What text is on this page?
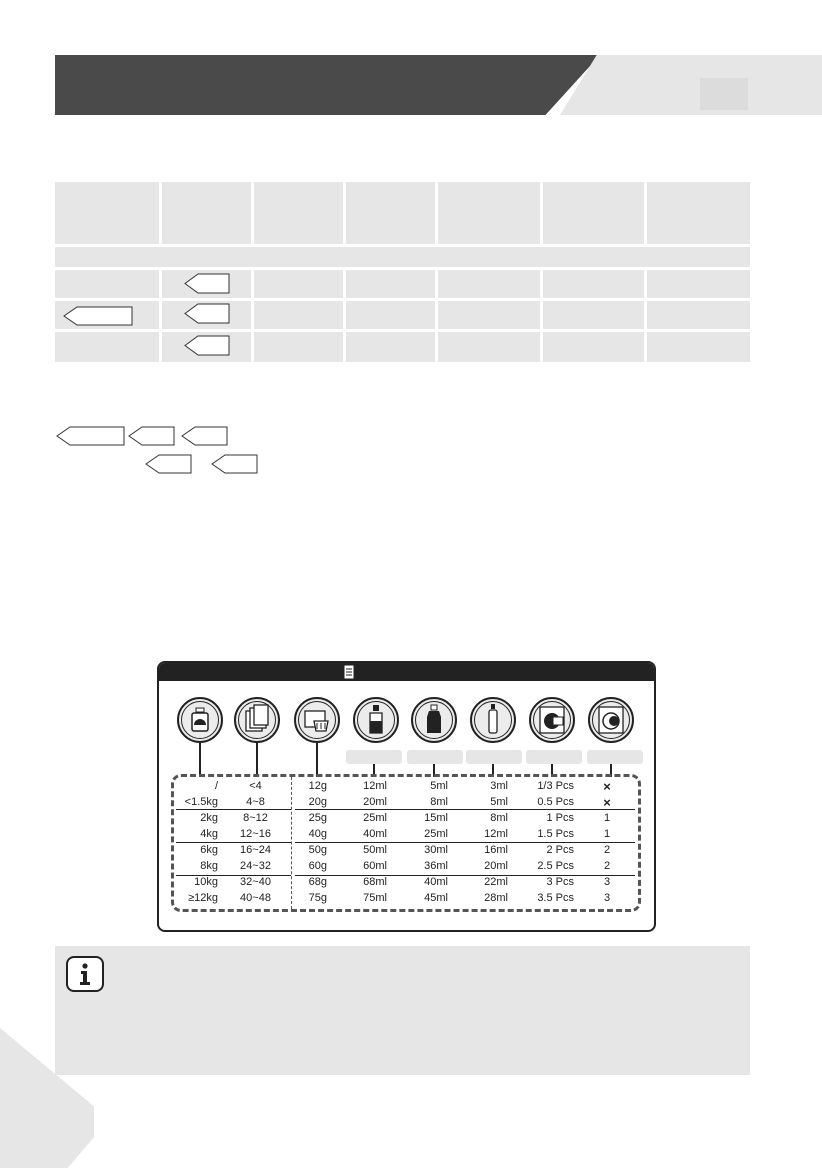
/	<4	12g	12ml	5ml	3ml	1/3 Pcs	×
<1.5kg	4~8	20g	20ml	8ml	5ml	0.5 Pcs	×
2kg	8~12	25g	25ml	15ml	8ml	1 Pcs	1
4kg	12~16	40g	40ml	25ml	12ml	1.5 Pcs	1
6kg	16~24	50g	50ml	30ml	16ml	2 Pcs	2
8kg	24~32	60g	60ml	36ml	20ml	2.5 Pcs	2
10kg	32~40	68g	68ml	40ml	22ml	3 Pcs	3
≥12kg	40~48	75g	75ml	45ml	28ml	3.5 Pcs	3
